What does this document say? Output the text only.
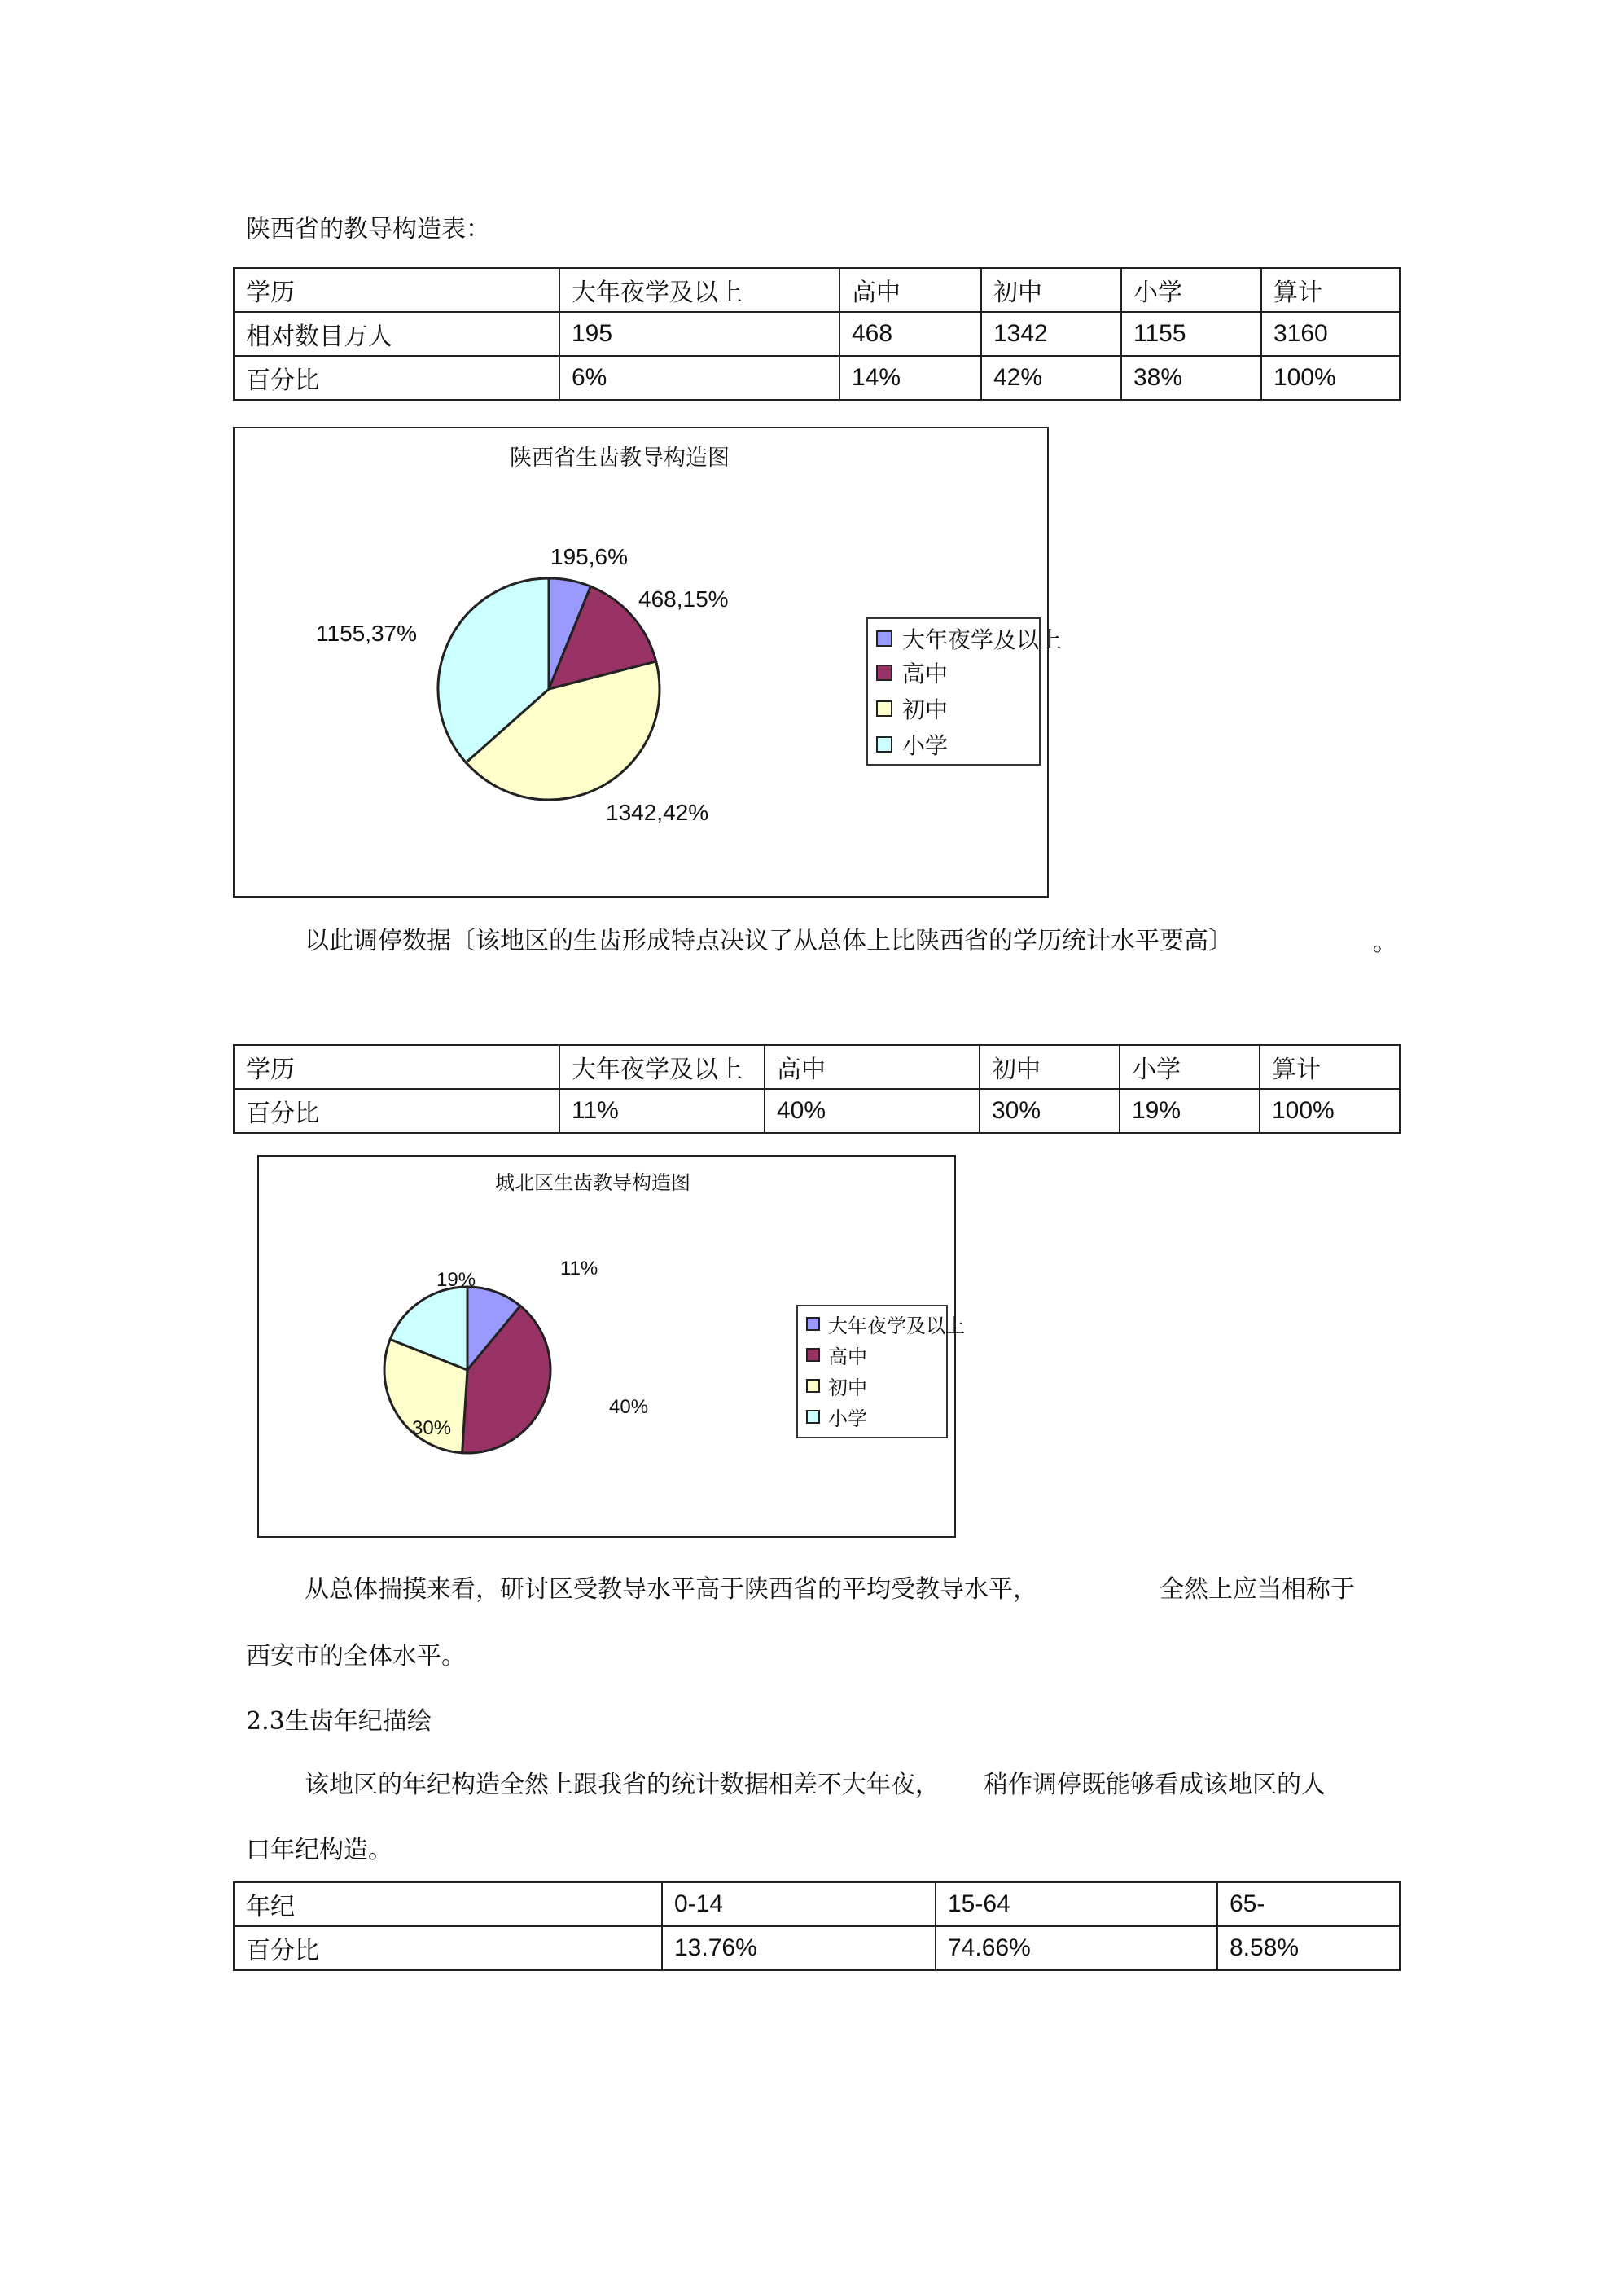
陕西省的教导构造表：
学历	大年夜学及以上	高中	初中	小学	算计
相对数目万人	195	468	1342	1155	3160
百分比	6%	14%	42%	38%	100%
陕西省生齿教导构造图
195,6%
468,15%
1342,42%
1155,37%	大年夜学及以上
高中
初中
小学
以此调停数据〔该地区的生齿形成特点决议了从总体上比陕西省的学历统计水平要高〕	。
学历	大年夜学及以上	高中	初中	小学	算计
百分比	11%	40%	30%	19%	100%
城北区生齿教导构造图
11%
40%
30%
19%
大年夜学及以上
高中
初中
小学
从总体揣摸来看，研讨区受教导水平高于陕西省的平均受教导水平，	全然上应当相称于
西安市的全体水平。
2.3生齿年纪描绘
该地区的年纪构造全然上跟我省的统计数据相差不大年夜， 稍作调停既能够看成该地区的人
口年纪构造。
年纪	0-14	15-64	65-
百分比	13.76%	74.66%	8.58%
